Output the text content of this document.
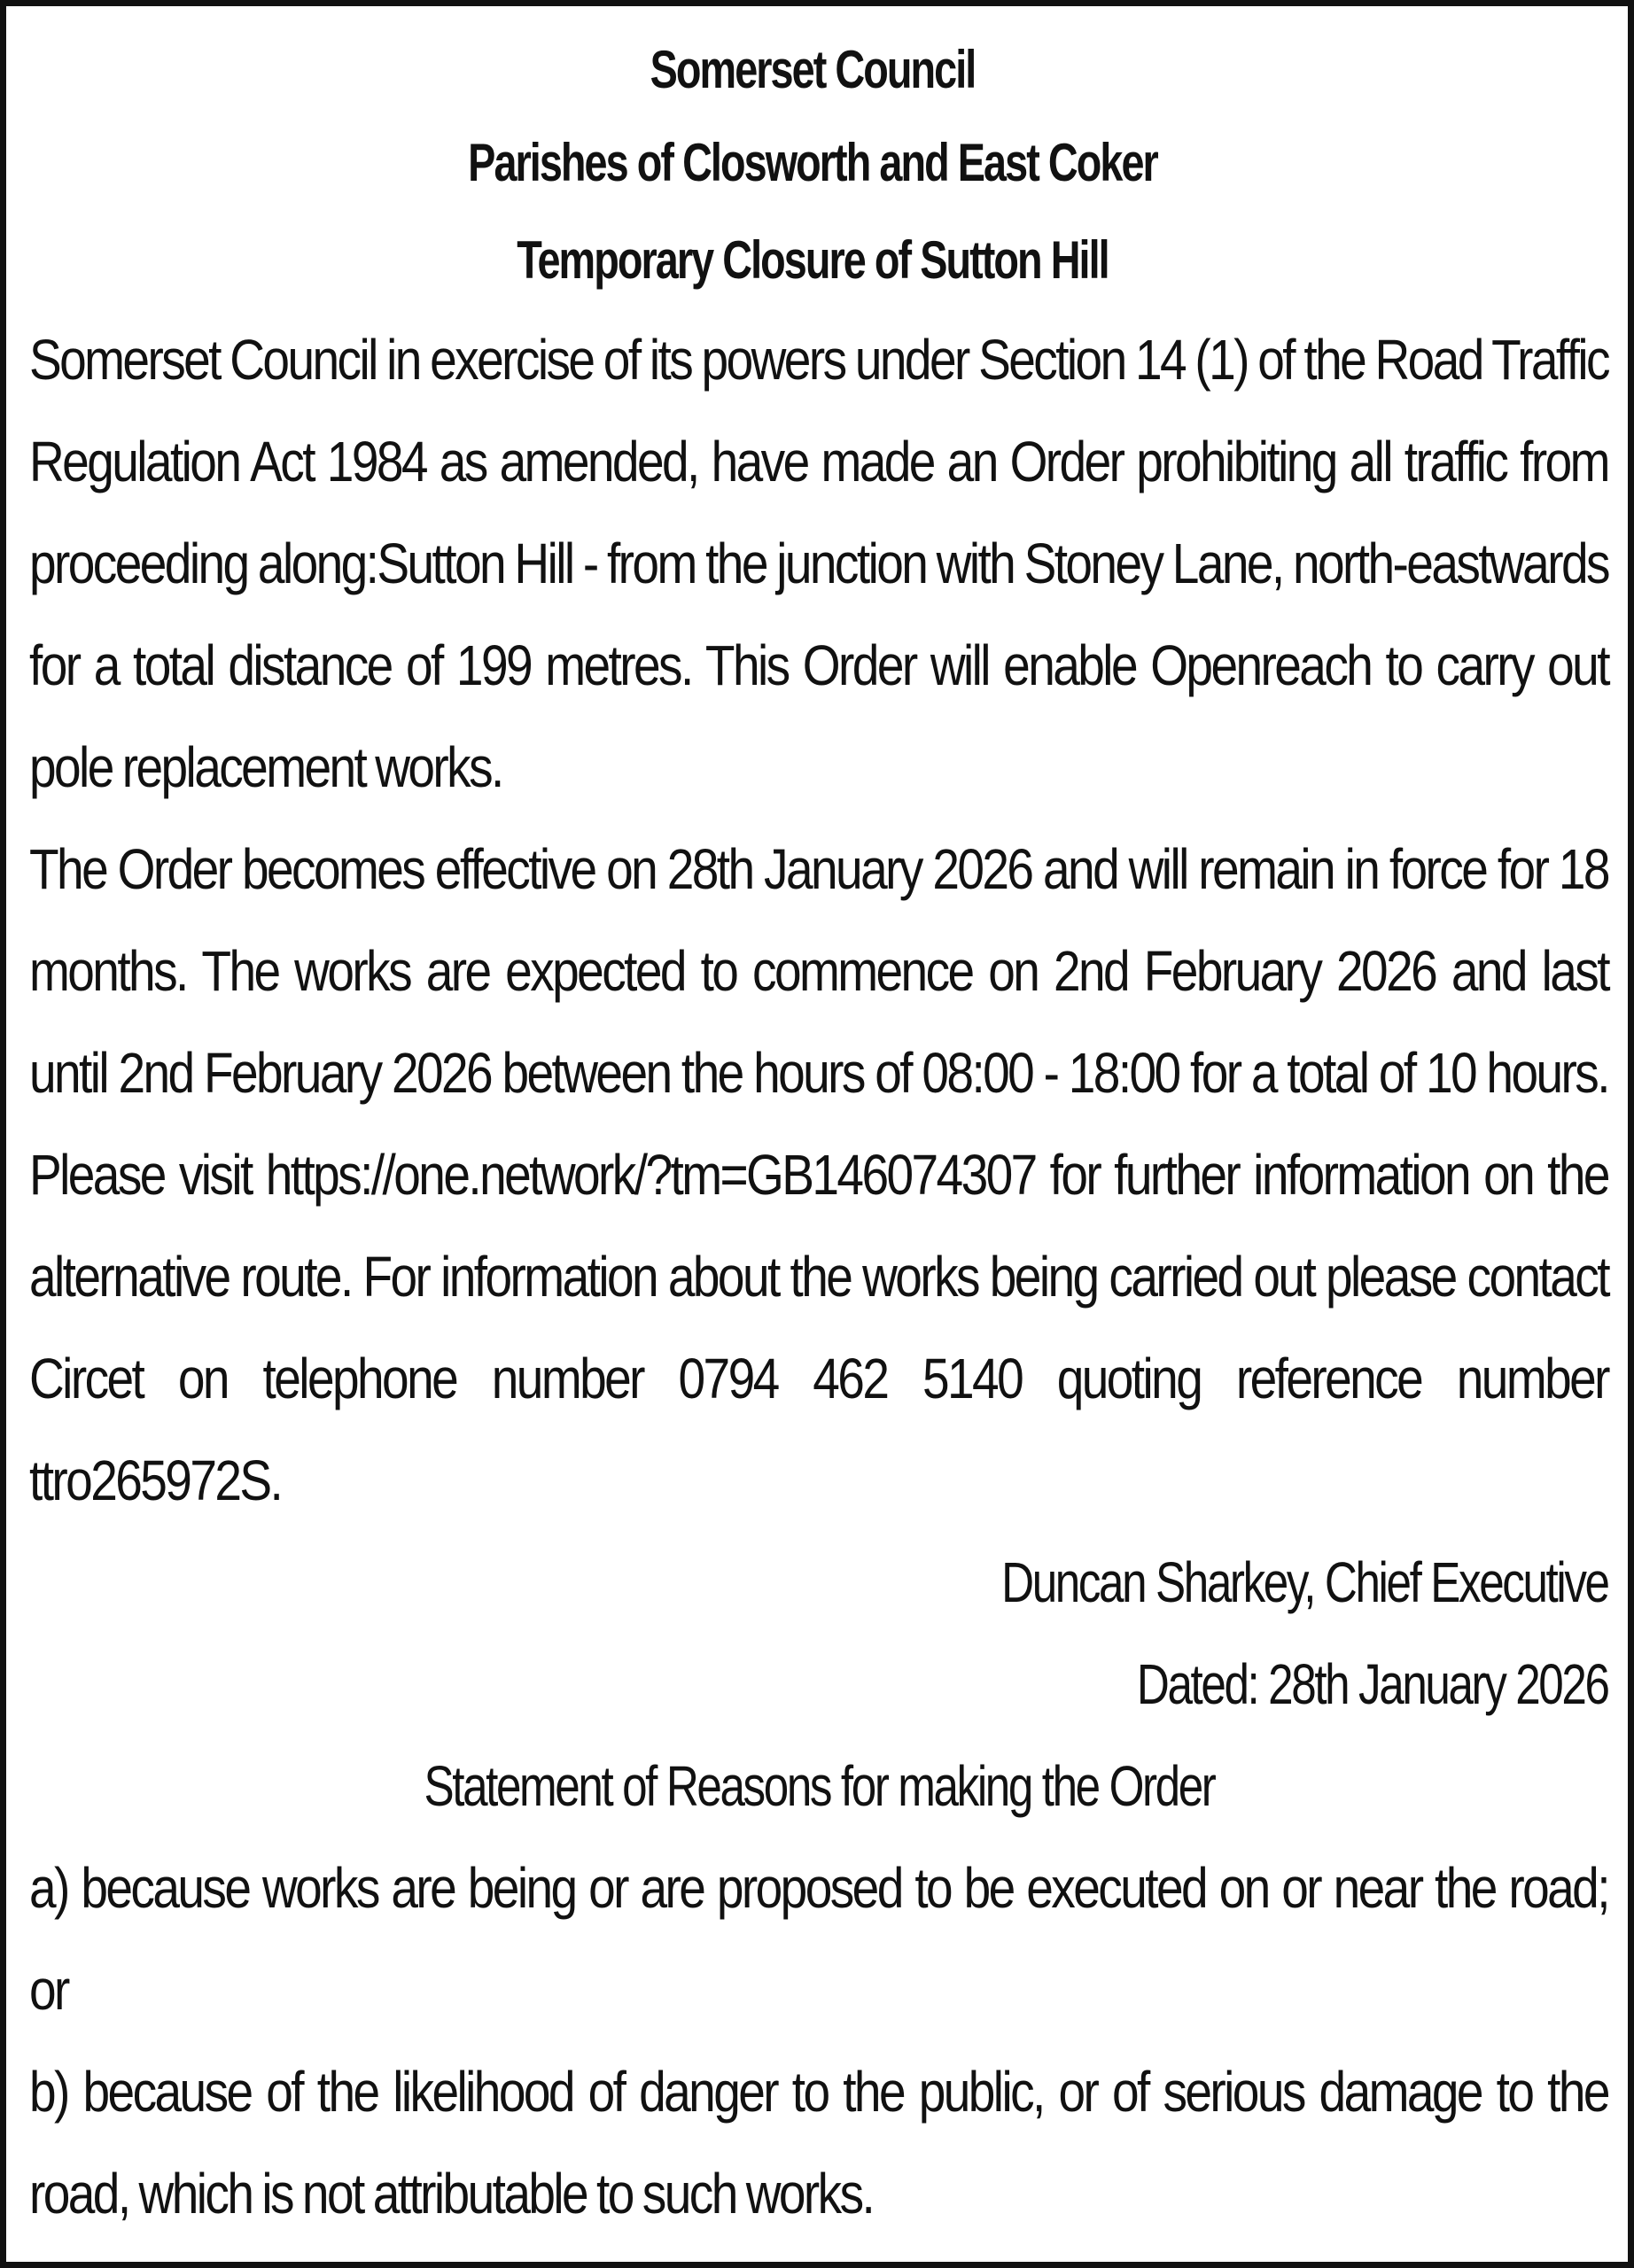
Somerset Council
Parishes of Closworth and East Coker
Temporary Closure of Sutton Hill

Somerset Council in exercise of its powers under Section 14 (1) of the Road Traffic Regulation Act 1984 as amended, have made an Order prohibiting all traffic from proceeding along:Sutton Hill - from the junction with Stoney Lane, north-eastwards for a total distance of 199 metres. This Order will enable Openreach to carry out pole replacement works.

The Order becomes effective on 28th January 2026 and will remain in force for 18 months. The works are expected to commence on 2nd February 2026 and last until 2nd February 2026 between the hours of 08:00 - 18:00 for a total of 10 hours. Please visit https://one.network/?tm=GB146074307 for further information on the alternative route. For information about the works being carried out please contact Circet on telephone number 0794 462 5140 quoting reference number ttro265972S.

Duncan Sharkey, Chief Executive
Dated: 28th January 2026
Statement of Reasons for making the Order

a) because works are being or are proposed to be executed on or near the road; or

b) because of the likelihood of danger to the public, or of serious damage to the road, which is not attributable to such works.
